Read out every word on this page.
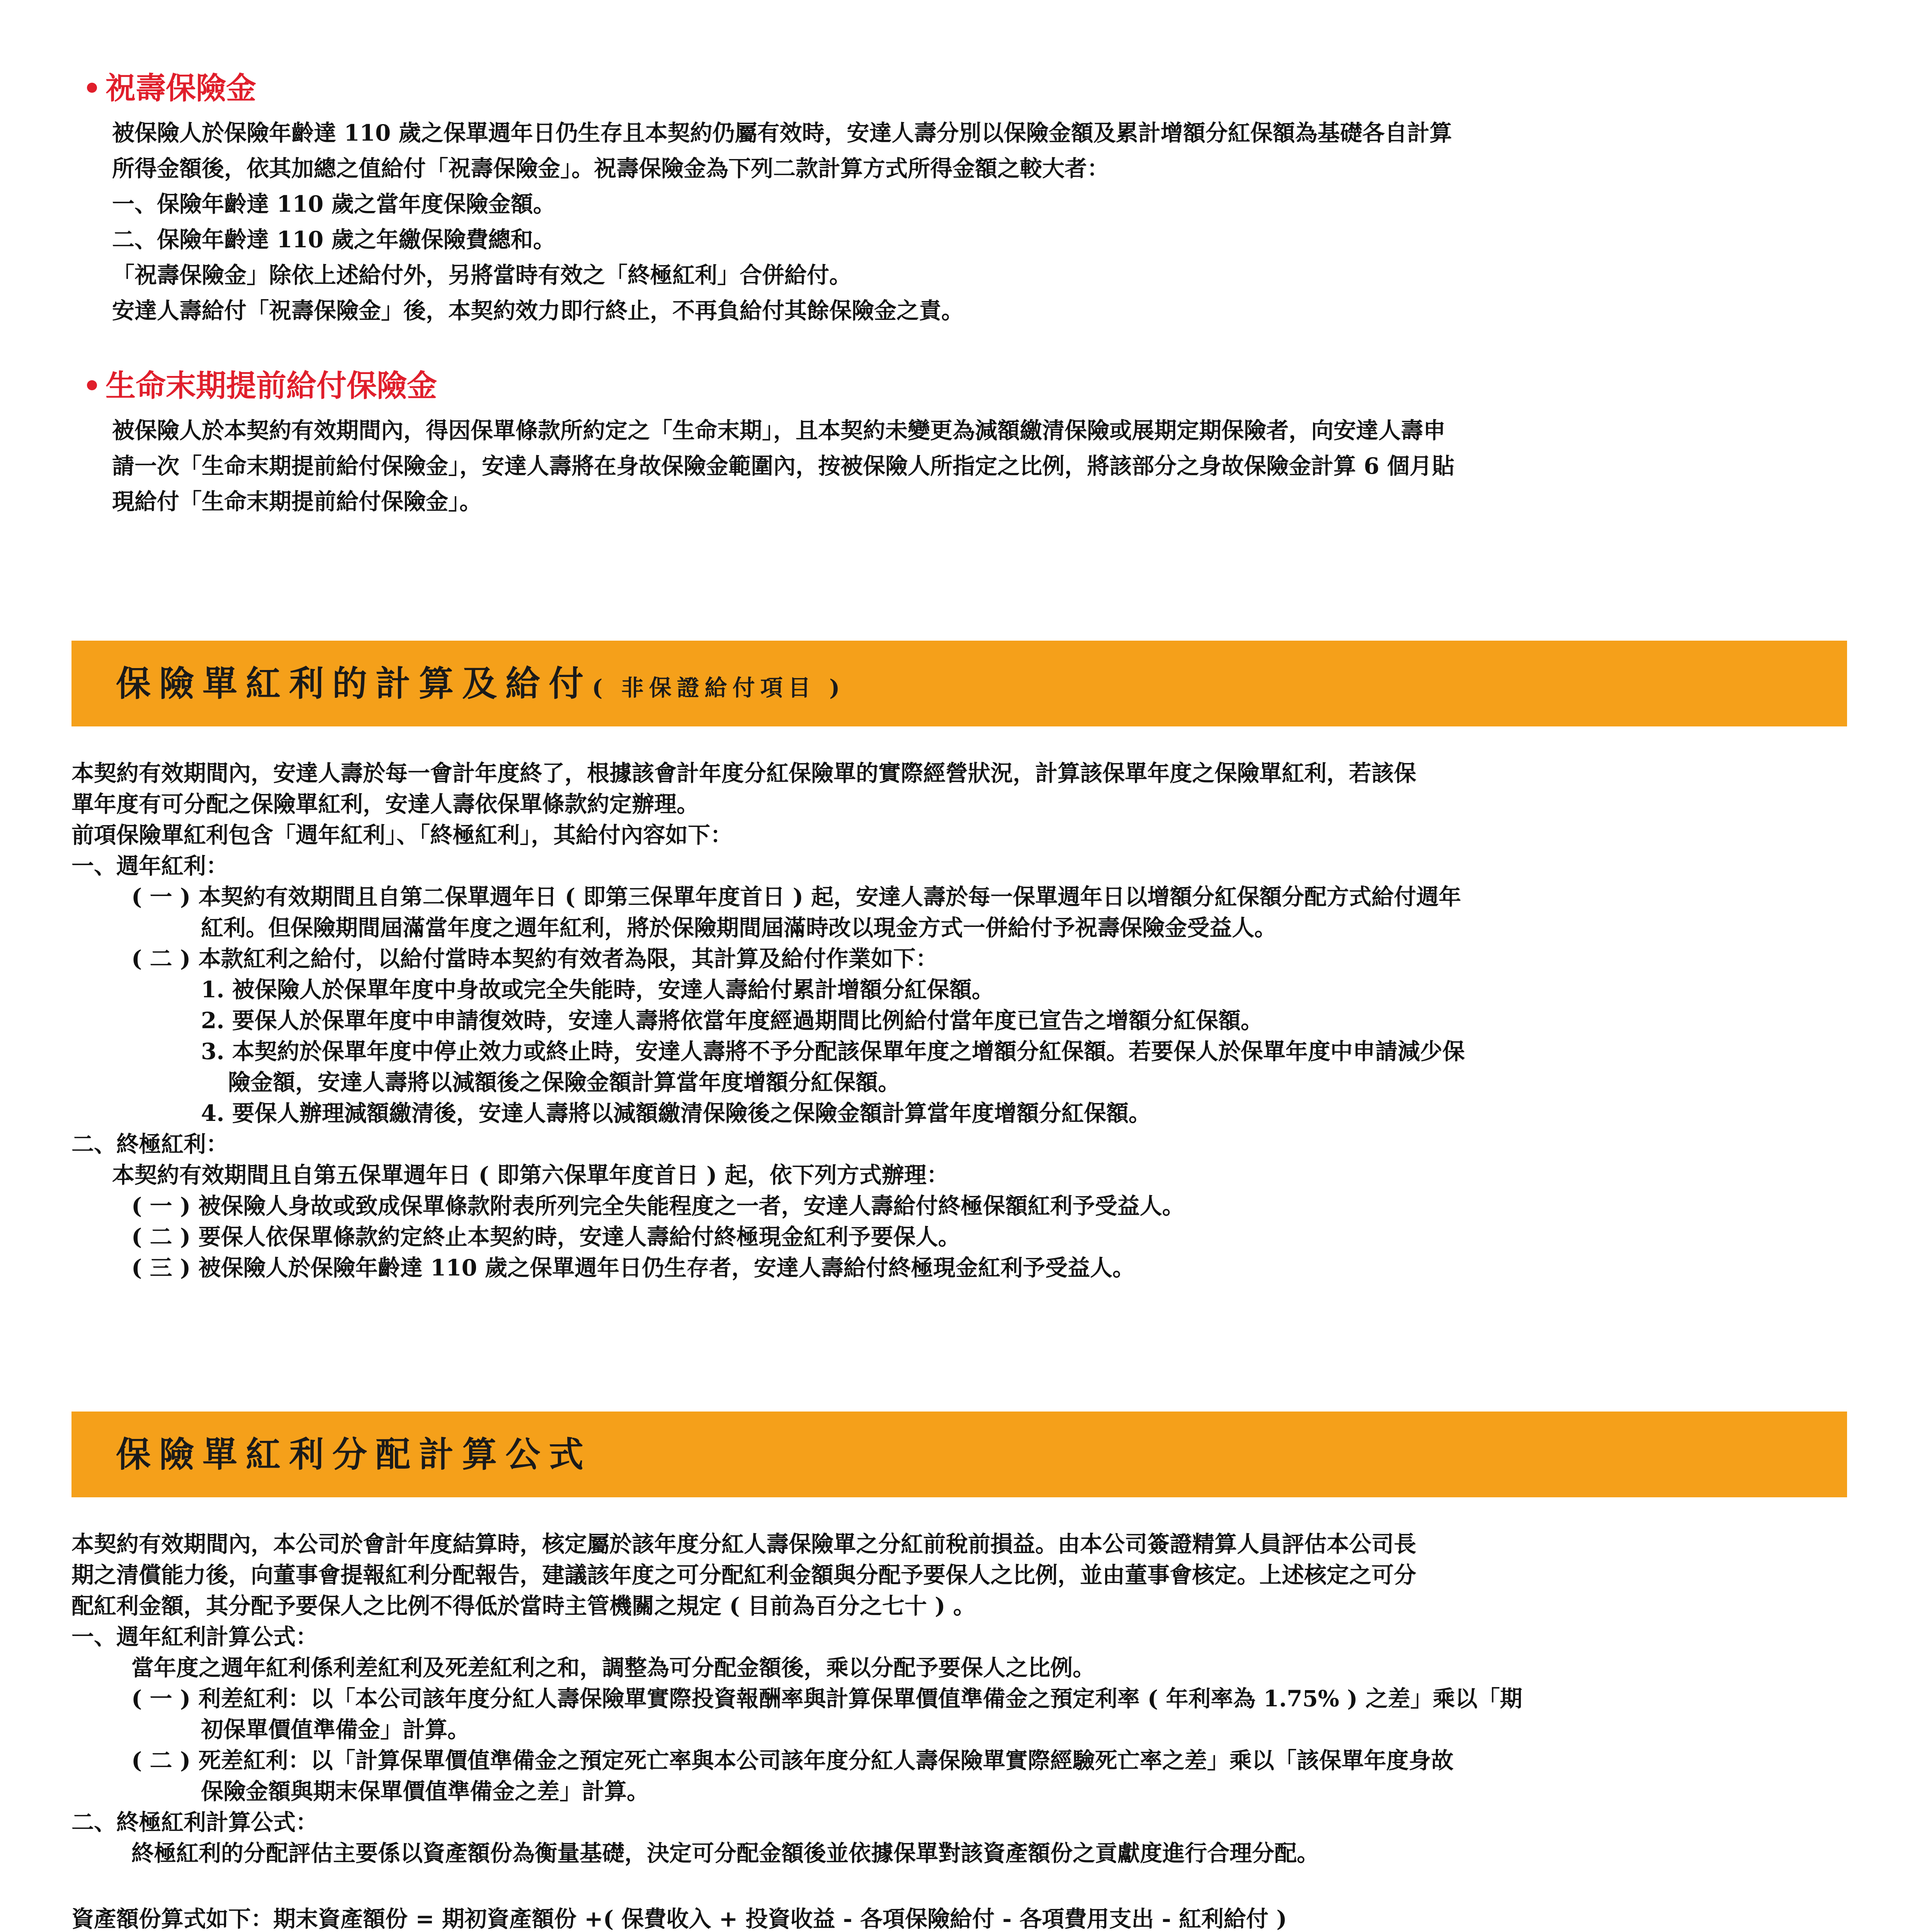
祝壽保險金
被保險人於保險年齡達 110 歲之保單週年日仍生存且本契約仍屬有效時，安達人壽分別以保險金額及累計增額分紅保額為基礎各自計算
所得金額後，依其加總之值給付「祝壽保險金」。祝壽保險金為下列二款計算方式所得金額之較大者：
一、保險年齡達 110 歲之當年度保險金額。
二、保險年齡達 110 歲之年繳保險費總和。
「祝壽保險金」除依上述給付外，另將當時有效之「終極紅利」合併給付。
安達人壽給付「祝壽保險金」後，本契約效力即行終止，不再負給付其餘保險金之責。
生命末期提前給付保險金
被保險人於本契約有效期間內，得因保單條款所約定之「生命末期」，且本契約未變更為減額繳清保險或展期定期保險者，向安達人壽申
請一次「生命末期提前給付保險金」，安達人壽將在身故保險金範圍內，按被保險人所指定之比例，將該部分之身故保險金計算 6 個月貼
現給付「生命末期提前給付保險金」。
保險單紅利的計算及給付( 非保證給付項目 )
本契約有效期間內，安達人壽於每一會計年度終了，根據該會計年度分紅保險單的實際經營狀況，計算該保單年度之保險單紅利，若該保
單年度有可分配之保險單紅利，安達人壽依保單條款約定辦理。
前項保險單紅利包含「週年紅利」、「終極紅利」，其給付內容如下：
一、週年紅利：
( 一 ) 本契約有效期間且自第二保單週年日 ( 即第三保單年度首日 ) 起，安達人壽於每一保單週年日以增額分紅保額分配方式給付週年
紅利。但保險期間屆滿當年度之週年紅利，將於保險期間屆滿時改以現金方式一併給付予祝壽保險金受益人。
( 二 ) 本款紅利之給付，以給付當時本契約有效者為限，其計算及給付作業如下：
1. 被保險人於保單年度中身故或完全失能時，安達人壽給付累計增額分紅保額。
2. 要保人於保單年度中申請復效時，安達人壽將依當年度經過期間比例給付當年度已宣告之增額分紅保額。
3. 本契約於保單年度中停止效力或終止時，安達人壽將不予分配該保單年度之增額分紅保額。若要保人於保單年度中申請減少保
險金額，安達人壽將以減額後之保險金額計算當年度增額分紅保額。
4. 要保人辦理減額繳清後，安達人壽將以減額繳清保險後之保險金額計算當年度增額分紅保額。
二、終極紅利：
本契約有效期間且自第五保單週年日 ( 即第六保單年度首日 ) 起，依下列方式辦理：
( 一 ) 被保險人身故或致成保單條款附表所列完全失能程度之一者，安達人壽給付終極保額紅利予受益人。
( 二 ) 要保人依保單條款約定終止本契約時，安達人壽給付終極現金紅利予要保人。
( 三 ) 被保險人於保險年齡達 110 歲之保單週年日仍生存者，安達人壽給付終極現金紅利予受益人。
保險單紅利分配計算公式
本契約有效期間內，本公司於會計年度結算時，核定屬於該年度分紅人壽保險單之分紅前稅前損益。由本公司簽證精算人員評估本公司長
期之清償能力後，向董事會提報紅利分配報告，建議該年度之可分配紅利金額與分配予要保人之比例，並由董事會核定。上述核定之可分
配紅利金額，其分配予要保人之比例不得低於當時主管機關之規定 ( 目前為百分之七十 ) 。
一、週年紅利計算公式：
當年度之週年紅利係利差紅利及死差紅利之和，調整為可分配金額後，乘以分配予要保人之比例。
( 一 ) 利差紅利：以「本公司該年度分紅人壽保險單實際投資報酬率與計算保單價值準備金之預定利率 ( 年利率為 1.75% ) 之差」乘以「期
初保單價值準備金」計算。
( 二 ) 死差紅利：以「計算保單價值準備金之預定死亡率與本公司該年度分紅人壽保險單實際經驗死亡率之差」乘以「該保單年度身故
保險金額與期末保單價值準備金之差」計算。
二、終極紅利計算公式：
終極紅利的分配評估主要係以資產額份為衡量基礎，決定可分配金額後並依據保單對該資產額份之貢獻度進行合理分配。
資產額份算式如下：期末資產額份 = 期初資產額份 +( 保費收入 + 投資收益 - 各項保險給付 - 各項費用支出 - 紅利給付 )
